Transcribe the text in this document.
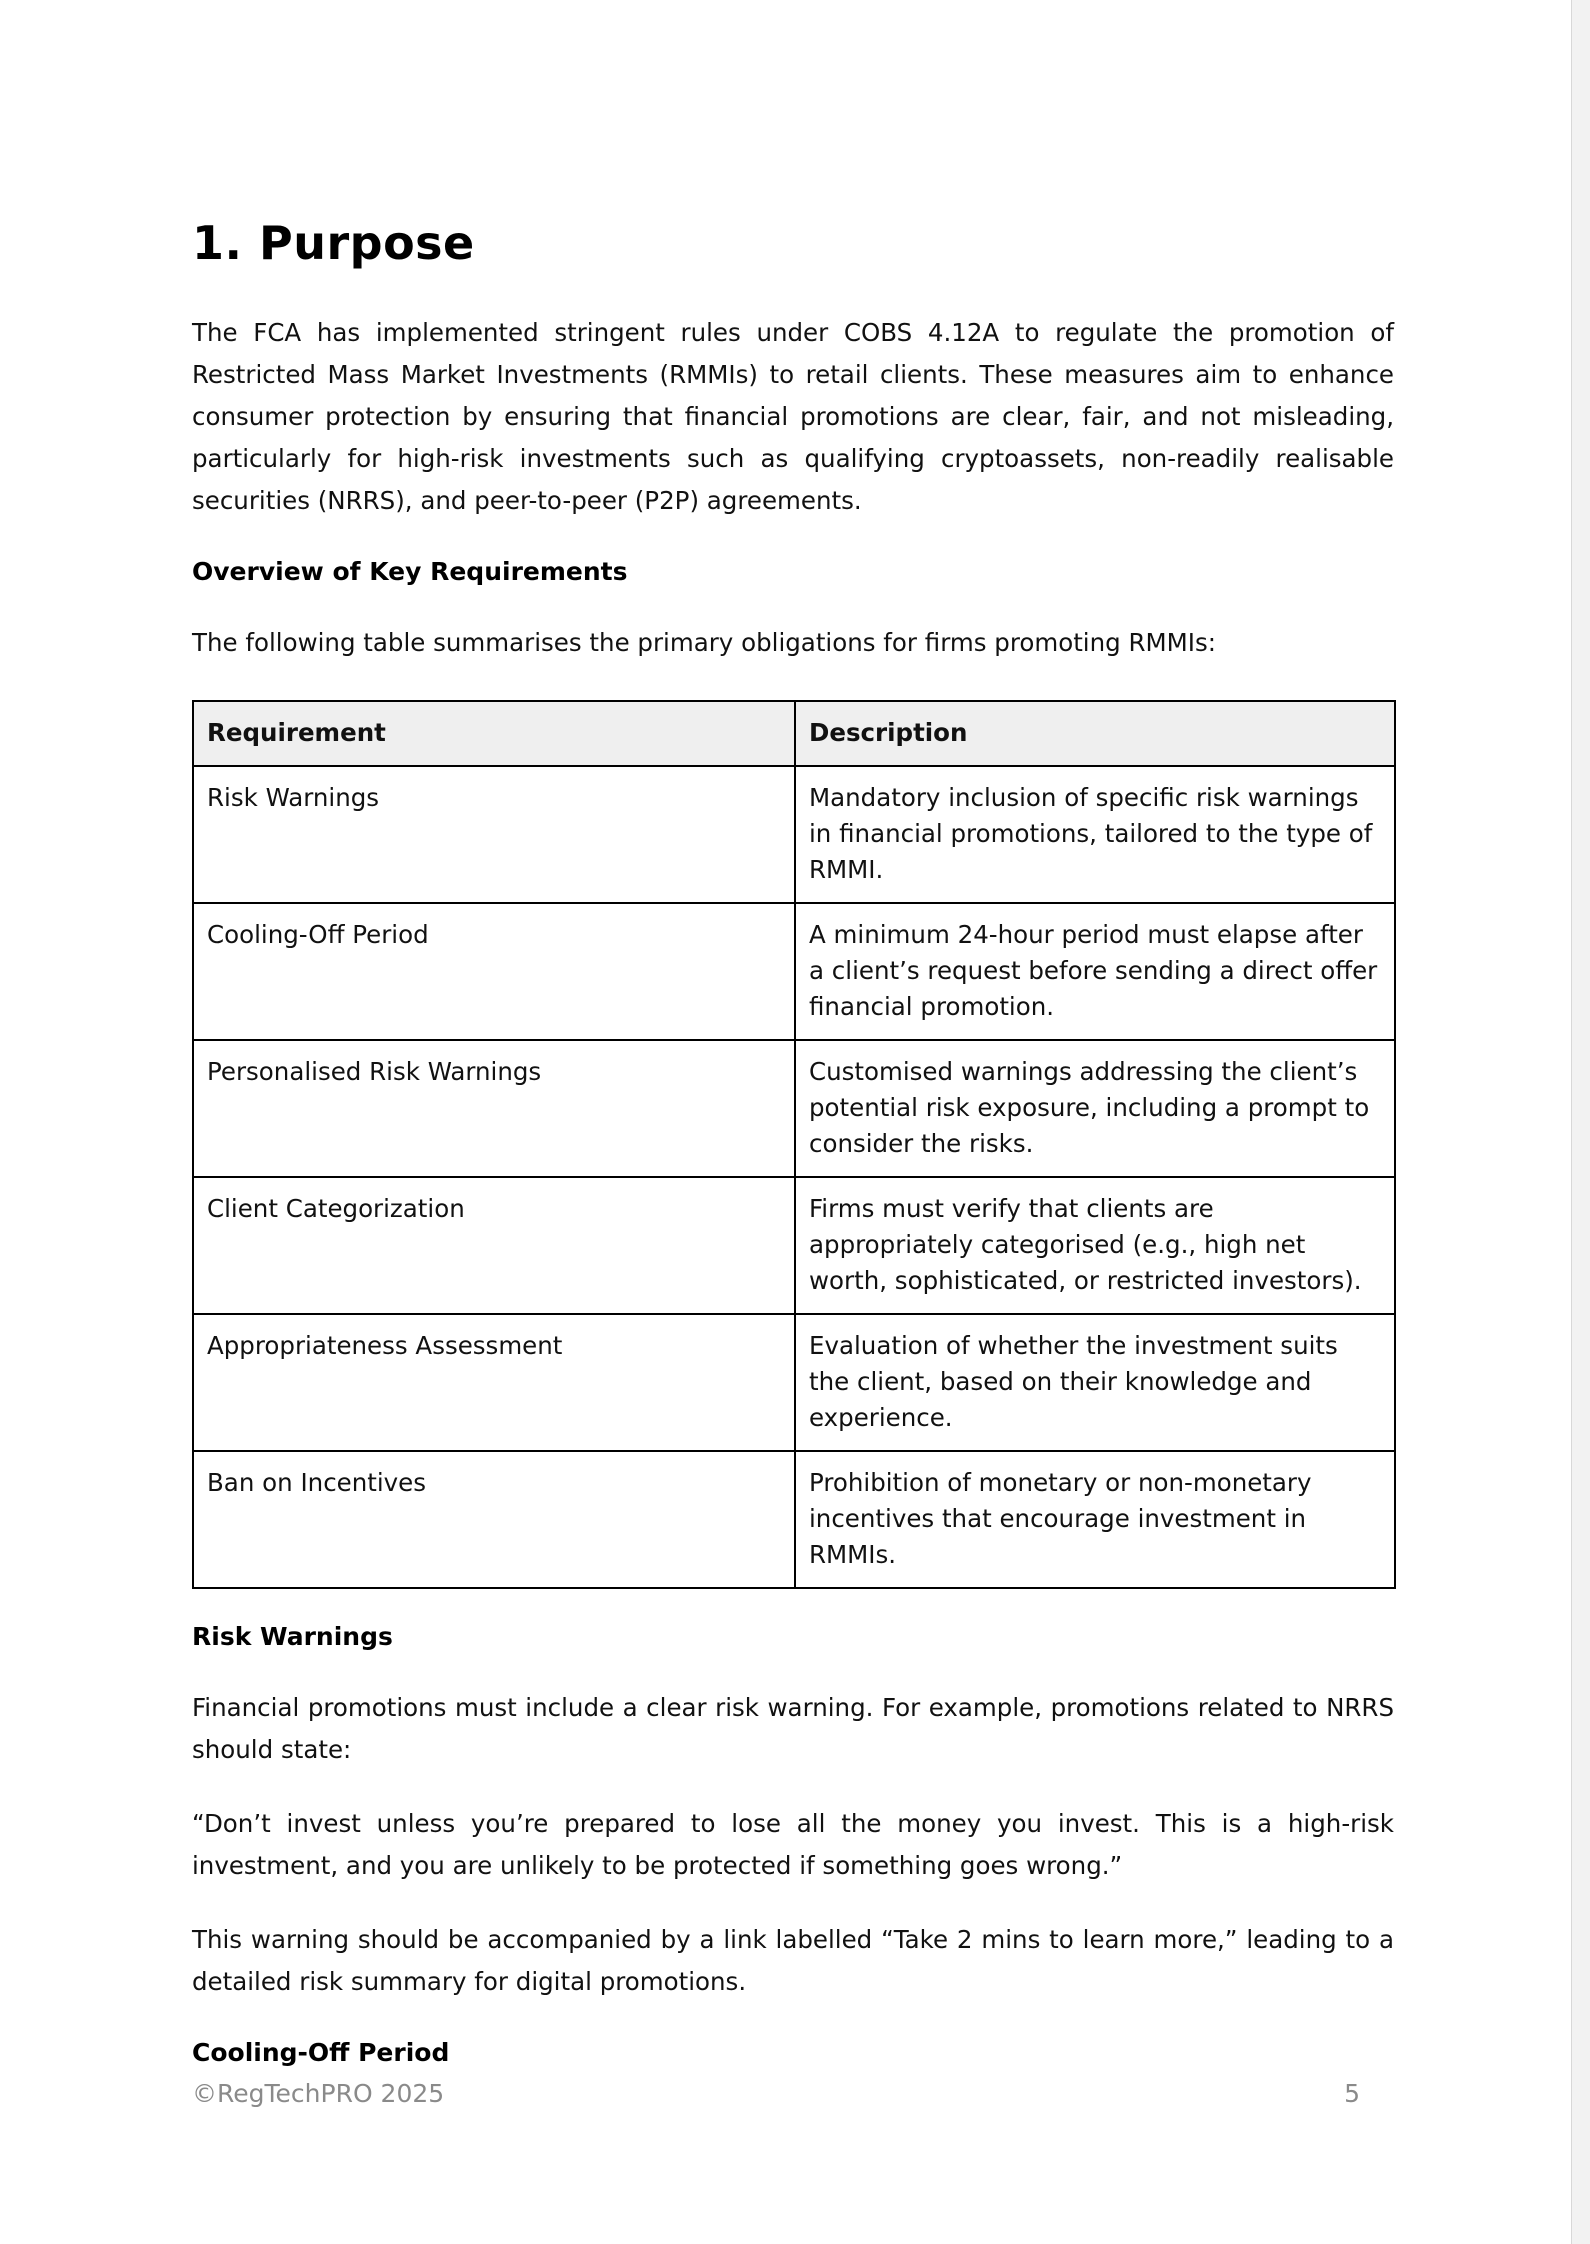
1. Purpose

The FCA has implemented stringent rules under COBS 4.12A to regulate the promotion of Restricted Mass Market Investments (RMMIs) to retail clients. These measures aim to enhance consumer protection by ensuring that financial promotions are clear, fair, and not misleading, particularly for high-risk investments such as qualifying cryptoassets, non-readily realisable securities (NRRS), and peer-to-peer (P2P) agreements.

Overview of Key Requirements

The following table summarises the primary obligations for firms promoting RMMIs:

Requirement	Description
Risk Warnings	Mandatory inclusion of specific risk warnings in financial promotions, tailored to the type of RMMI.
Cooling-Off Period	A minimum 24-hour period must elapse after a client’s request before sending a direct offer financial promotion.
Personalised Risk Warnings	Customised warnings addressing the client’s potential risk exposure, including a prompt to consider the risks.
Client Categorization	Firms must verify that clients are appropriately categorised (e.g., high net worth, sophisticated, or restricted investors).
Appropriateness Assessment	Evaluation of whether the investment suits the client, based on their knowledge and experience.
Ban on Incentives	Prohibition of monetary or non-monetary incentives that encourage investment in RMMIs.

Risk Warnings

Financial promotions must include a clear risk warning. For example, promotions related to NRRS should state:

“Don’t invest unless you’re prepared to lose all the money you invest. This is a high-risk investment, and you are unlikely to be protected if something goes wrong.”

This warning should be accompanied by a link labelled “Take 2 mins to learn more,” leading to a detailed risk summary for digital promotions.

Cooling-Off Period

©RegTechPRO 2025	5
